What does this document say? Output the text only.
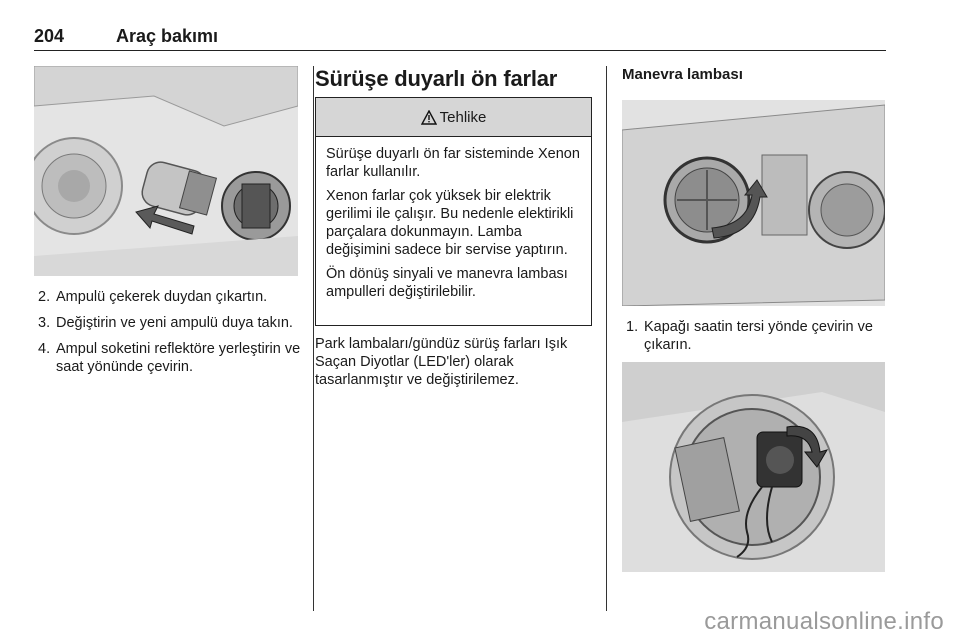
204	Araç bakımı
2. Ampulü çekerek duydan çıkartın.
3. Değiştirin ve yeni ampulü duya takın.
4. Ampul soketini reflektöre yerleştirin ve saat yönünde çevirin.
Sürüşe duyarlı ön farlar
Tehlike

Sürüşe duyarlı ön far sisteminde Xenon farlar kullanılır.

Xenon farlar çok yüksek bir elektrik gerilimi ile çalışır. Bu nedenle elektirikli parçalara dokunmayın. Lamba değişimini sadece bir servise yaptırın.

Ön dönüş sinyali ve manevra lambası ampulleri değiştirilebilir.

Park lambaları/gündüz sürüş farları Işık Saçan Diyotlar (LED'ler) olarak tasarlanmıştır ve değiştirilemez.
Manevra lambası
1. Kapağı saatin tersi yönde çevirin ve çıkarın.
carmanualsonline.info
